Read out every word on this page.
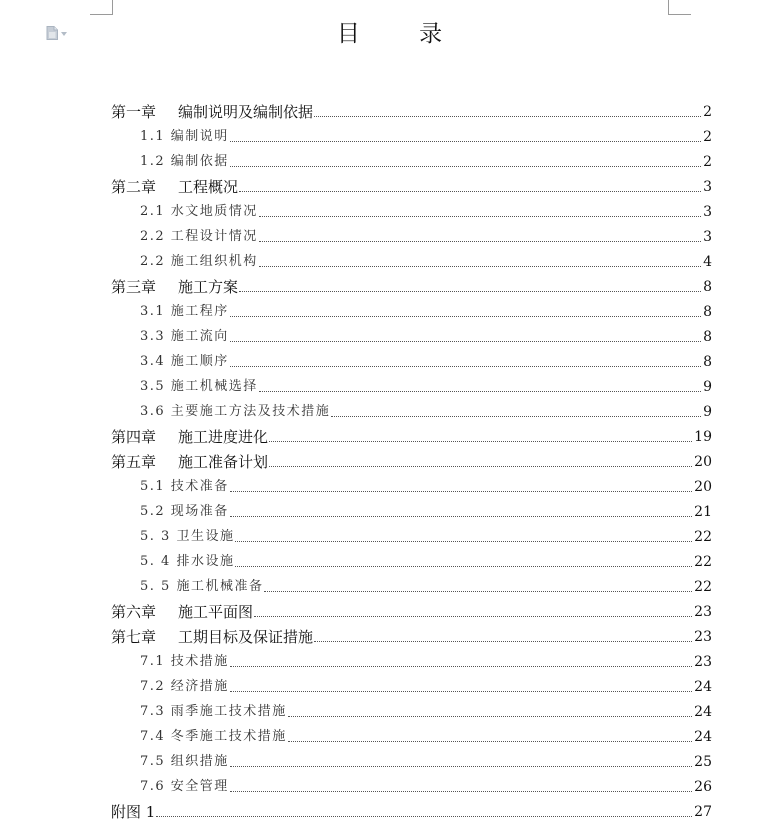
目 录
第一章 编制说明及编制依据	2
1.1 编制说明	2
1.2 编制依据	2
第二章 工程概况	3
2.1 水文地质情况	3
2.2 工程设计情况	3
2.2 施工组织机构	4
第三章 施工方案	8
3.1 施工程序	8
3.3 施工流向	8
3.4 施工顺序	8
3.5 施工机械选择	9
3.6 主要施工方法及技术措施	9
第四章 施工进度进化	19
第五章 施工准备计划	20
5.1 技术准备	20
5.2 现场准备	21
5. 3 卫生设施	22
5. 4 排水设施	22
5. 5 施工机械准备	22
第六章 施工平面图	23
第七章 工期目标及保证措施	23
7.1 技术措施	23
7.2 经济措施	24
7.3 雨季施工技术措施	24
7.4 冬季施工技术措施	24
7.5 组织措施	25
7.6 安全管理	26
附图 1	27
